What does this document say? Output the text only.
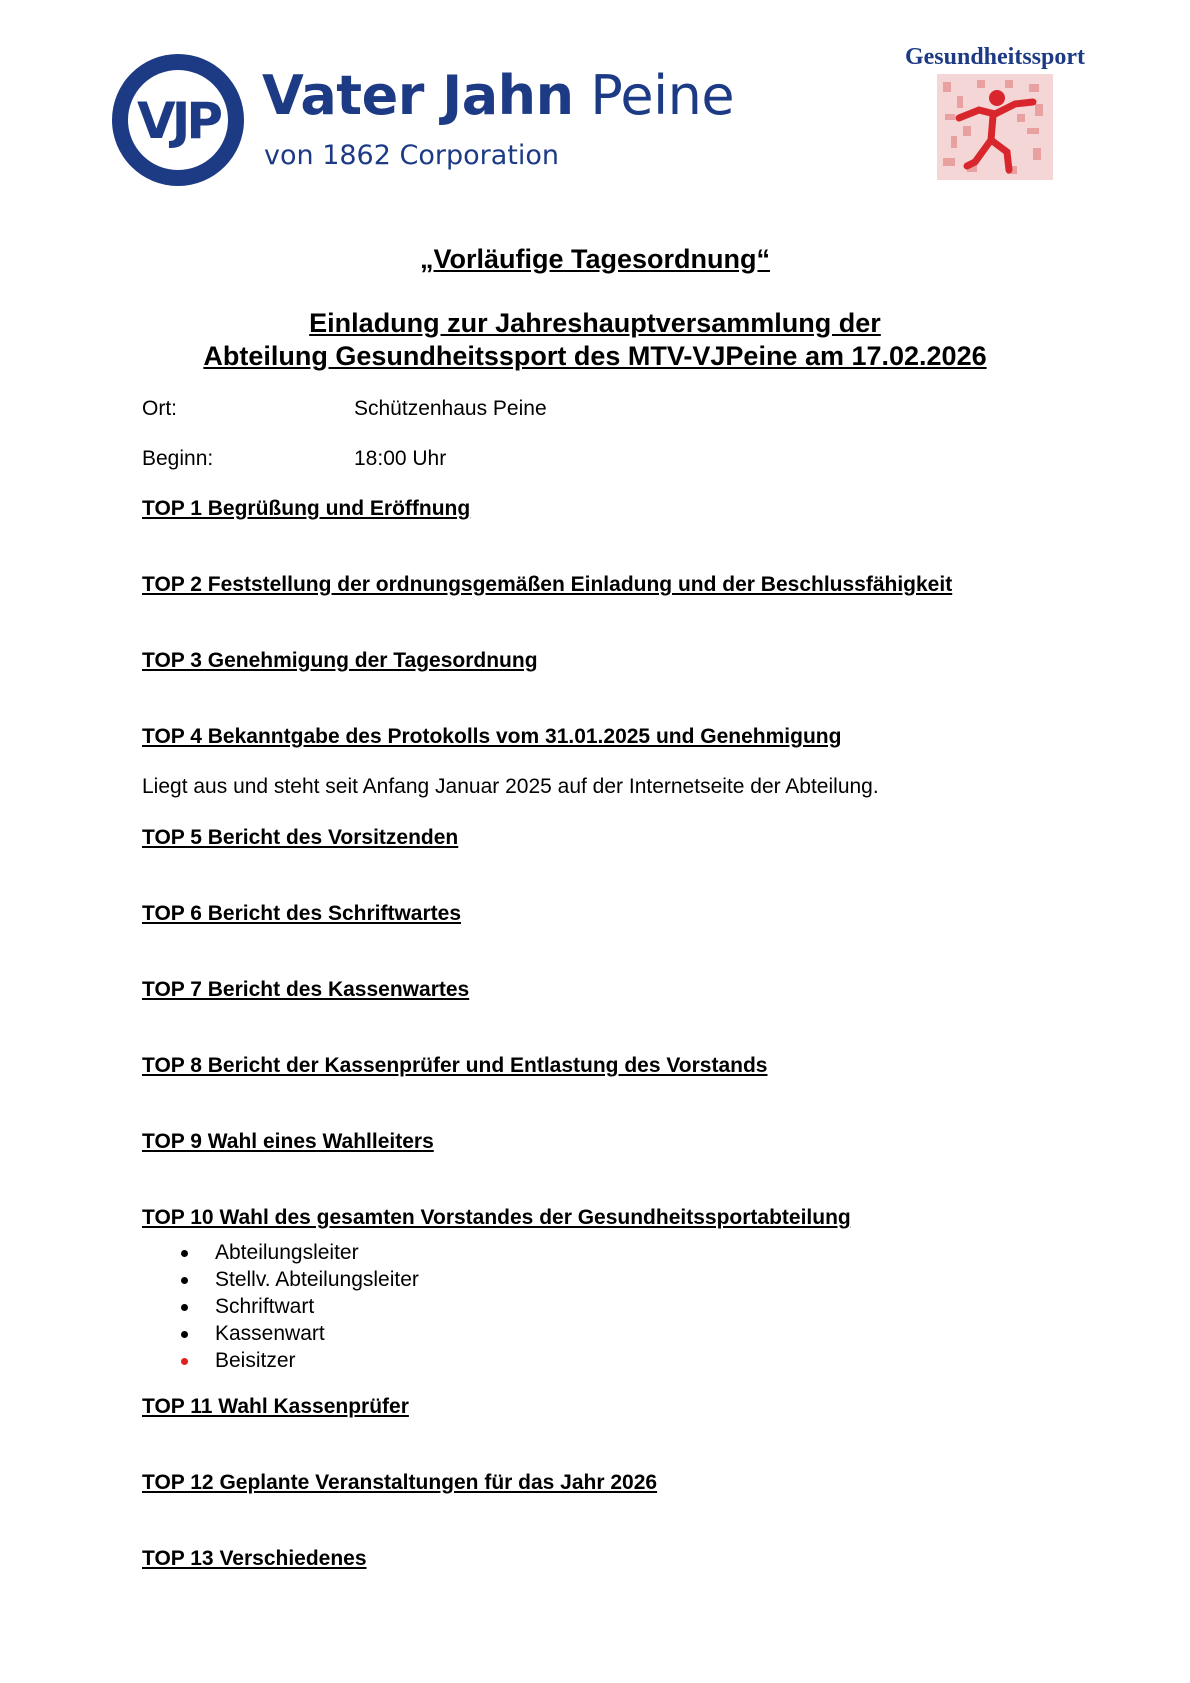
VJP Vater Jahn Peine
von 1862 Corporation
Gesundheitssport
„Vorläufige Tagesordnung“
Einladung zur Jahreshauptversammlung der
Abteilung Gesundheitssport des MTV-VJPeine am 17.02.2026
Ort:	Schützenhaus Peine
Beginn:	18:00 Uhr
TOP 1 Begrüßung und Eröffnung
TOP 2 Feststellung der ordnungsgemäßen Einladung und der Beschlussfähigkeit
TOP 3 Genehmigung der Tagesordnung
TOP 4 Bekanntgabe des Protokolls vom 31.01.2025 und Genehmigung
Liegt aus und steht seit Anfang Januar 2025 auf der Internetseite der Abteilung.
TOP 5 Bericht des Vorsitzenden
TOP 6 Bericht des Schriftwartes
TOP 7 Bericht des Kassenwartes
TOP 8 Bericht der Kassenprüfer und Entlastung des Vorstands
TOP 9 Wahl eines Wahlleiters
TOP 10 Wahl des gesamten Vorstandes der Gesundheitssportabteilung
Abteilungsleiter
Stellv. Abteilungsleiter
Schriftwart
Kassenwart
Beisitzer
TOP 11 Wahl Kassenprüfer
TOP 12 Geplante Veranstaltungen für das Jahr 2026
TOP 13 Verschiedenes
